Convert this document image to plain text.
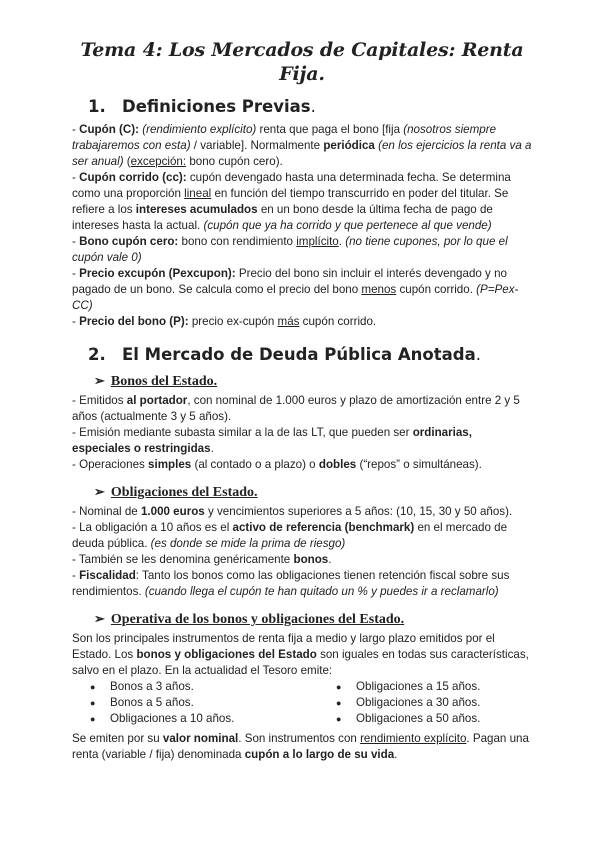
Tema 4: Los Mercados de Capitales: Renta Fija.
1. Definiciones Previas.

- Cupón (C): (rendimiento explícito) renta que paga el bono [fija (nosotros siempre trabajaremos con esta) / variable]. Normalmente periódica (en los ejercicios la renta va a ser anual) (excepción: bono cupón cero).

- Cupón corrido (cc): cupón devengado hasta una determinada fecha. Se determina como una proporción lineal en función del tiempo transcurrido en poder del titular. Se refiere a los intereses acumulados en un bono desde la última fecha de pago de intereses hasta la actual. (cupón que ya ha corrido y que pertenece al que vende)

- Bono cupón cero: bono con rendimiento implícito. (no tiene cupones, por lo que el cupón vale 0)

- Precio excupón (Pexcupon): Precio del bono sin incluir el interés devengado y no pagado de un bono. Se calcula como el precio del bono menos cupón corrido. (P=Pex-CC)

- Precio del bono (P): precio ex-cupón más cupón corrido.

2. El Mercado de Deuda Pública Anotada.
➢ Bonos del Estado.

- Emitidos al portador, con nominal de 1.000 euros y plazo de amortización entre 2 y 5 años (actualmente 3 y 5 años).

- Emisión mediante subasta similar a la de las LT, que pueden ser ordinarias, especiales o restringidas.

- Operaciones simples (al contado o a plazo) o dobles (“repos” o simultáneas).

➢ Obligaciones del Estado.

- Nominal de 1.000 euros y vencimientos superiores a 5 años: (10, 15, 30 y 50 años).

- La obligación a 10 años es el activo de referencia (benchmark) en el mercado de deuda pública. (es donde se mide la prima de riesgo)

- También se les denomina genéricamente bonos.

- Fiscalidad: Tanto los bonos como las obligaciones tienen retención fiscal sobre sus rendimientos. (cuando llega el cupón te han quitado un % y puedes ir a reclamarlo)

➢ Operativa de los bonos y obligaciones del Estado.

Son los principales instrumentos de renta fija a medio y largo plazo emitidos por el Estado. Los bonos y obligaciones del Estado son iguales en todas sus características, salvo en el plazo. En la actualidad el Tesoro emite:

● Bonos a 3 años.
● Bonos a 5 años.
● Obligaciones a 10 años.
● Obligaciones a 15 años.
● Obligaciones a 30 años.
● Obligaciones a 50 años.

Se emiten por su valor nominal. Son instrumentos con rendimiento explícito. Pagan una renta (variable / fija) denominada cupón a lo largo de su vida.
